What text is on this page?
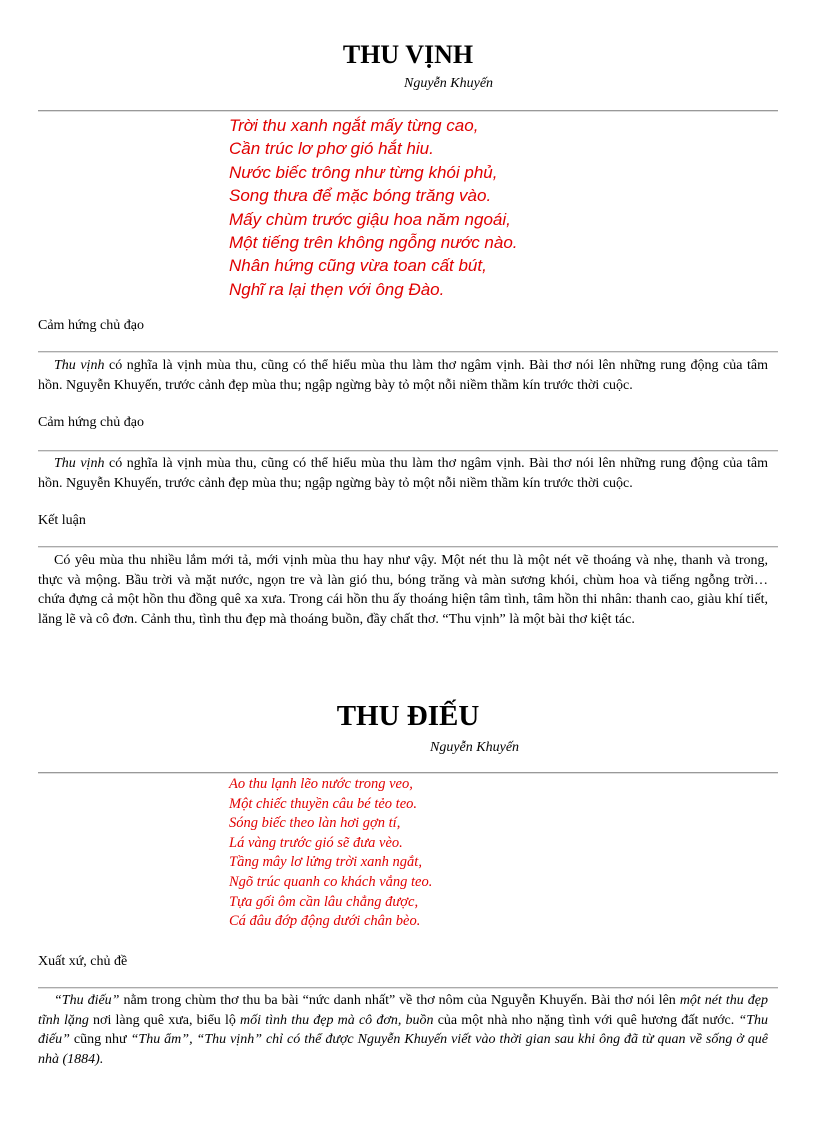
THU VỊNH
Nguyễn Khuyến
Trời thu xanh ngắt mấy từng cao,
Cần trúc lơ phơ gió hắt hiu.
Nước biếc trông như từng khói phủ,
Song thưa để mặc bóng trăng vào.
Mấy chùm trước giậu hoa năm ngoái,
Một tiếng trên không ngỗng nước nào.
Nhân hứng cũng vừa toan cất bút,
Nghĩ ra lại thẹn với ông Đào.
Cảm hứng chủ đạo
Thu vịnh có nghĩa là vịnh mùa thu, cũng có thể hiểu mùa thu làm thơ ngâm vịnh. Bài thơ nói lên những rung động của tâm hồn. Nguyễn Khuyến, trước cảnh đẹp mùa thu; ngập ngừng bày tỏ một nỗi niềm thầm kín trước thời cuộc.
Cảm hứng chủ đạo
Thu vịnh có nghĩa là vịnh mùa thu, cũng có thể hiểu mùa thu làm thơ ngâm vịnh. Bài thơ nói lên những rung động của tâm hồn. Nguyễn Khuyến, trước cảnh đẹp mùa thu; ngập ngừng bày tỏ một nỗi niềm thầm kín trước thời cuộc.
Kết luận
Có yêu mùa thu nhiều lắm mới tả, mới vịnh mùa thu hay như vậy. Một nét thu là một nét vẽ thoáng và nhẹ, thanh và trong, thực và mộng. Bầu trời và mặt nước, ngọn tre và làn gió thu, bóng trăng và màn sương khói, chùm hoa và tiếng ngỗng trời… chứa đựng cả một hồn thu đồng quê xa xưa. Trong cái hồn thu ấy thoáng hiện tâm tình, tâm hồn thi nhân: thanh cao, giàu khí tiết, lăng lẽ và cô đơn. Cảnh thu, tình thu đẹp mà thoáng buồn, đầy chất thơ. “Thu vịnh” là một bài thơ kiệt tác.
THU ĐIẾU
Nguyễn Khuyến
Ao thu lạnh lẽo nước trong veo,
Một chiếc thuyền câu bé tẻo teo.
Sóng biếc theo làn hơi gợn tí,
Lá vàng trước gió sẽ đưa vèo.
Tầng mây lơ lửng trời xanh ngắt,
Ngõ trúc quanh co khách vắng teo.
Tựa gối ôm cần lâu chẳng được,
Cá đâu đớp động dưới chân bèo.
Xuất xứ, chủ đề
“Thu điếu” nằm trong chùm thơ thu ba bài “nức danh nhất” về thơ nôm của Nguyễn Khuyến. Bài thơ nói lên một nét thu đẹp tĩnh lặng nơi làng quê xưa, biểu lộ mối tình thu đẹp mà cô đơn, buồn của một nhà nho nặng tình với quê hương đất nước. “Thu điếu” cũng như “Thu ẩm”, “Thu vịnh” chỉ có thể được Nguyễn Khuyến viết vào thời gian sau khi ông đã từ quan về sống ở quê nhà (1884).
